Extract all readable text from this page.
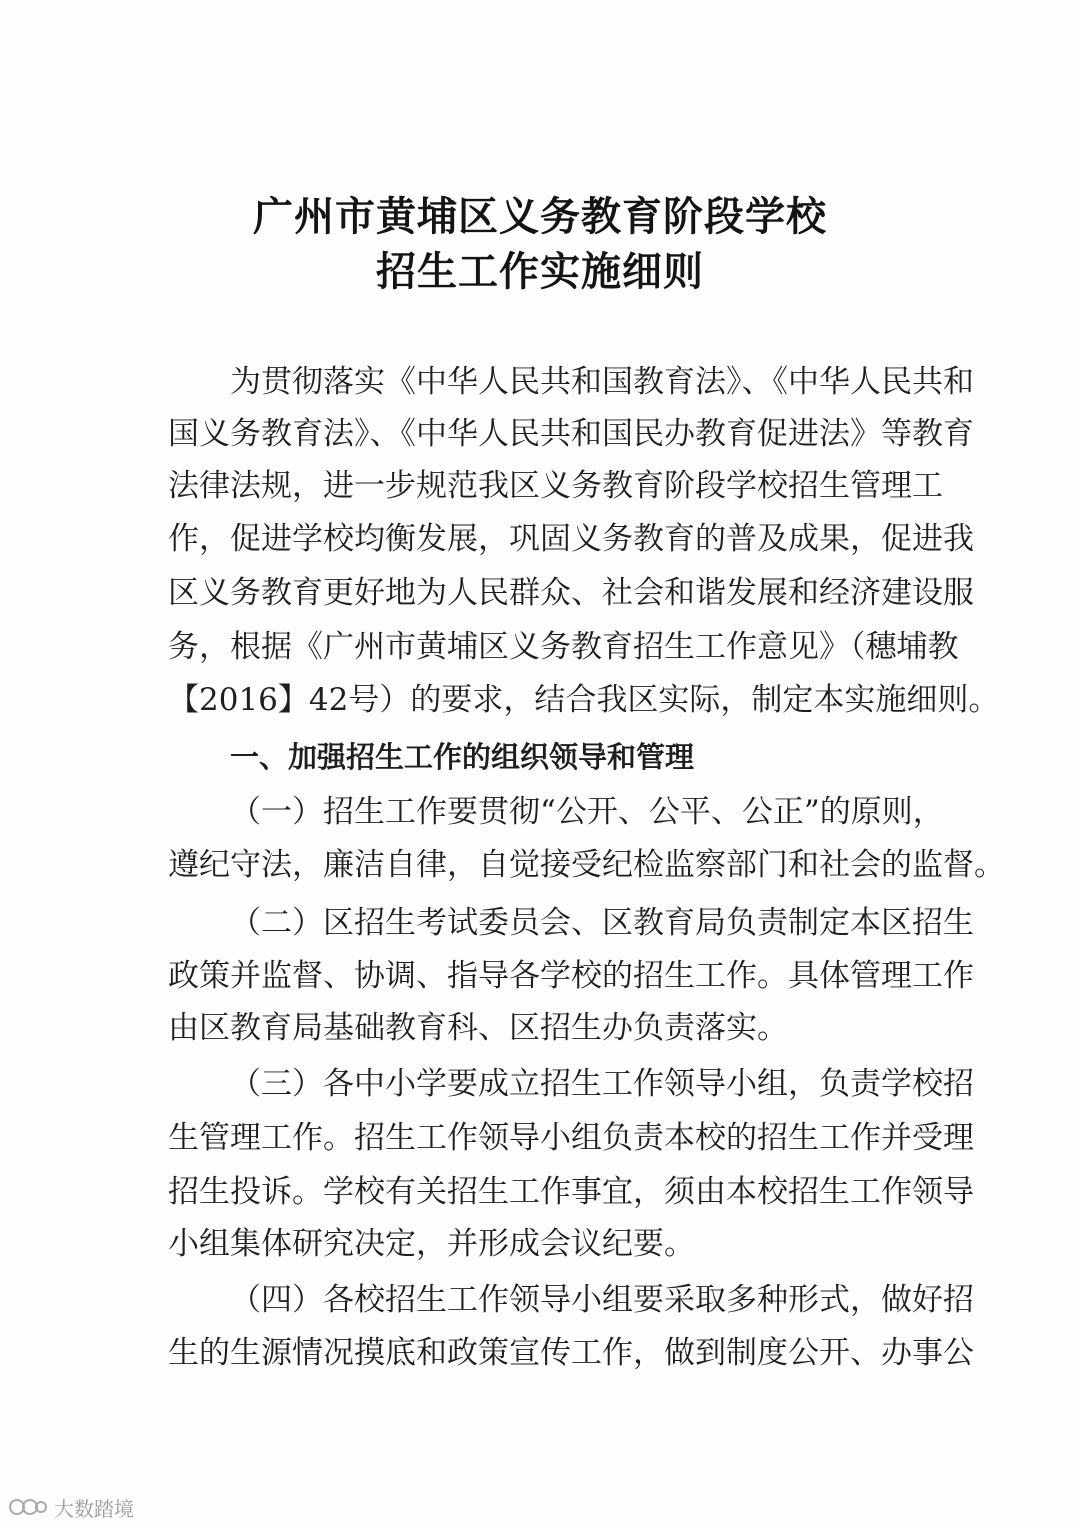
广州市黄埔区义务教育阶段学校
招生工作实施细则
为贯彻落实《中华人民共和国教育法》、《中华人民共和
国义务教育法》、《中华人民共和国民办教育促进法》等教育
法律法规，进一步规范我区义务教育阶段学校招生管理工
作，促进学校均衡发展，巩固义务教育的普及成果，促进我
区义务教育更好地为人民群众、社会和谐发展和经济建设服
务，根据《广州市黄埔区义务教育招生工作意见》（穗埔教
【2016】42号）的要求，结合我区实际，制定本实施细则。
一、加强招生工作的组织领导和管理
（一）招生工作要贯彻“公开、公平、公正”的原则，
遵纪守法，廉洁自律，自觉接受纪检监察部门和社会的监督。
（二）区招生考试委员会、区教育局负责制定本区招生
政策并监督、协调、指导各学校的招生工作。具体管理工作
由区教育局基础教育科、区招生办负责落实。
（三）各中小学要成立招生工作领导小组，负责学校招
生管理工作。招生工作领导小组负责本校的招生工作并受理
招生投诉。学校有关招生工作事宜，须由本校招生工作领导
小组集体研究决定，并形成会议纪要。
（四）各校招生工作领导小组要采取多种形式，做好招
生的生源情况摸底和政策宣传工作，做到制度公开、办事公
大数踏境
